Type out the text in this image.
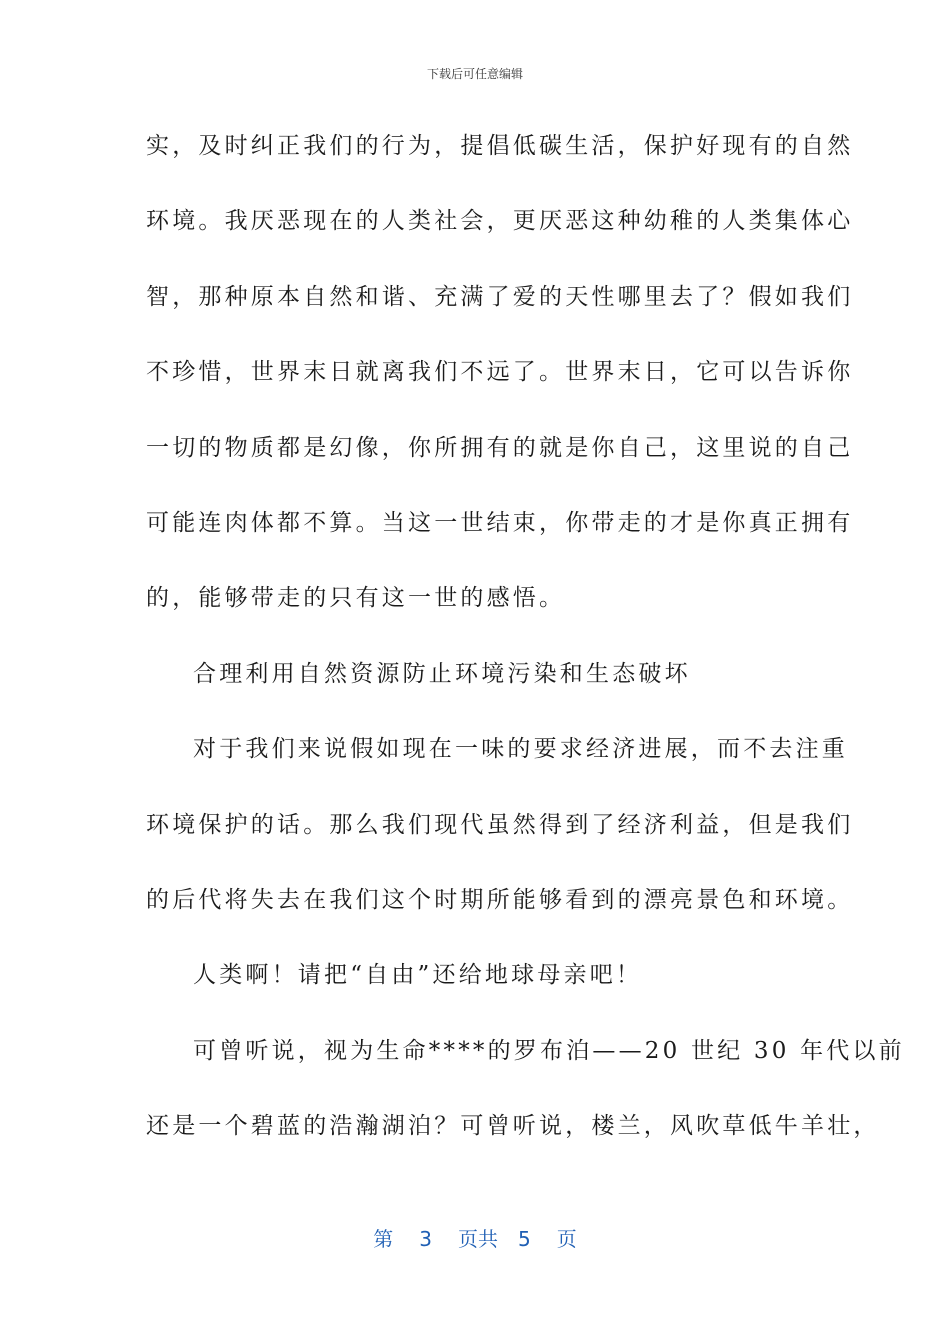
下载后可任意编辑
实，及时纠正我们的行为，提倡低碳生活，保护好现有的自然
环境。我厌恶现在的人类社会，更厌恶这种幼稚的人类集体心
智，那种原本自然和谐、充满了爱的天性哪里去了？假如我们
不珍惜，世界末日就离我们不远了。世界末日，它可以告诉你
一切的物质都是幻像，你所拥有的就是你自己，这里说的自己
可能连肉体都不算。当这一世结束，你带走的才是你真正拥有
的，能够带走的只有这一世的感悟。
合理利用自然资源防止环境污染和生态破坏
对于我们来说假如现在一味的要求经济进展，而不去注重
环境保护的话。那么我们现代虽然得到了经济利益，但是我们
的后代将失去在我们这个时期所能够看到的漂亮景色和环境。
人类啊！请把“自由”还给地球母亲吧！
可曾听说，视为生命****的罗布泊——20 世纪 30 年代以前
还是一个碧蓝的浩瀚湖泊？可曾听说，楼兰，风吹草低牛羊壮，
第 3 页共 5 页
